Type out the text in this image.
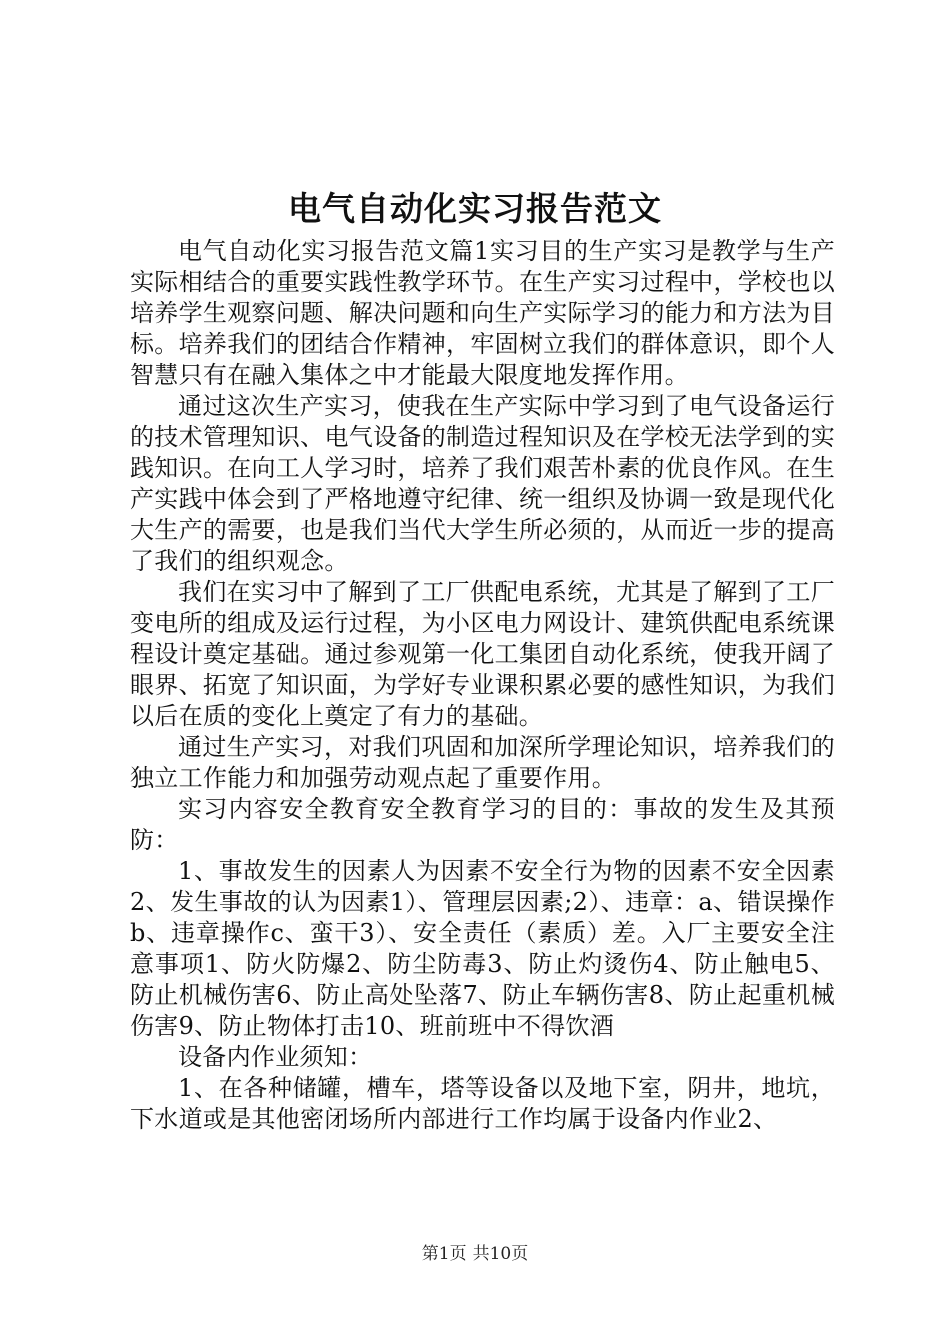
电气自动化实习报告范文

电气自动化实习报告范文篇1实习目的生产实习是教学与生产实际相结合的重要实践性教学环节。在生产实习过程中，学校也以培养学生观察问题、解决问题和向生产实际学习的能力和方法为目标。培养我们的团结合作精神，牢固树立我们的群体意识，即个人智慧只有在融入集体之中才能最大限度地发挥作用。

通过这次生产实习，使我在生产实际中学习到了电气设备运行的技术管理知识、电气设备的制造过程知识及在学校无法学到的实践知识。在向工人学习时，培养了我们艰苦朴素的优良作风。在生产实践中体会到了严格地遵守纪律、统一组织及协调一致是现代化大生产的需要，也是我们当代大学生所必须的，从而近一步的提高了我们的组织观念。

我们在实习中了解到了工厂供配电系统，尤其是了解到了工厂变电所的组成及运行过程，为小区电力网设计、建筑供配电系统课程设计奠定基础。通过参观第一化工集团自动化系统，使我开阔了眼界、拓宽了知识面，为学好专业课积累必要的感性知识，为我们以后在质的变化上奠定了有力的基础。

通过生产实习，对我们巩固和加深所学理论知识，培养我们的独立工作能力和加强劳动观点起了重要作用。

实习内容安全教育安全教育学习的目的：事故的发生及其预防：

1、事故发生的因素人为因素不安全行为物的因素不安全因素2、发生事故的认为因素1）、管理层因素;2）、违章：a、错误操作b、违章操作c、蛮干3）、安全责任（素质）差。入厂主要安全注意事项1、防火防爆2、防尘防毒3、防止灼烫伤4、防止触电5、防止机械伤害6、防止高处坠落7、防止车辆伤害8、防止起重机械伤害9、防止物体打击10、班前班中不得饮酒

设备内作业须知：

1、在各种储罐，槽车，塔等设备以及地下室，阴井，地坑，下水道或是其他密闭场所内部进行工作均属于设备内作业2、

第1页 共10页
